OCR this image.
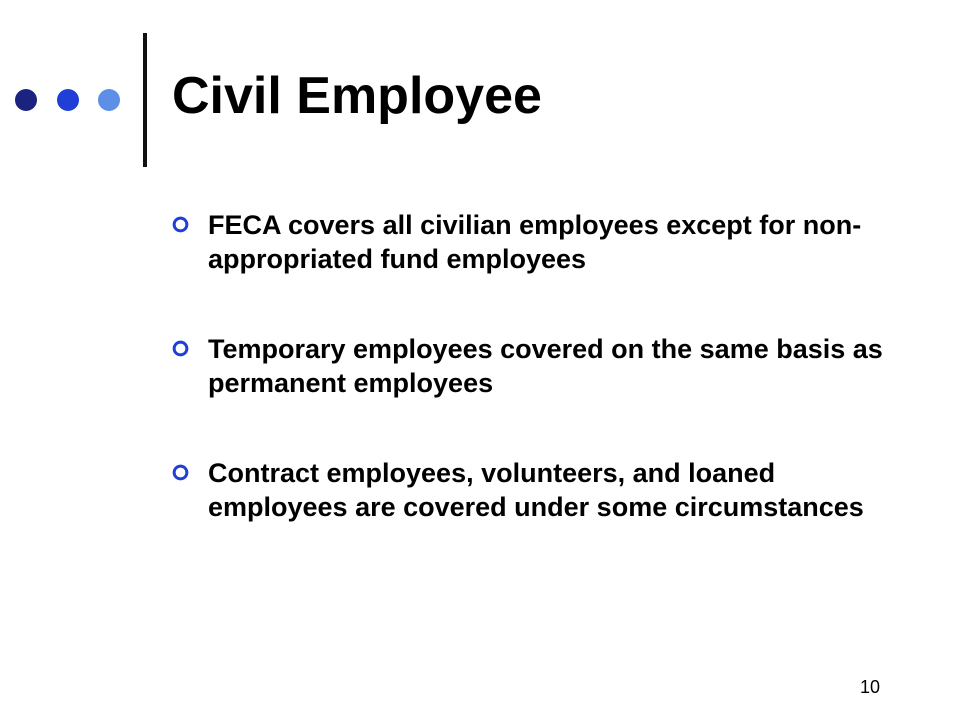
Civil Employee
FECA covers all civilian employees except for non-appropriated fund employees
Temporary employees covered on the same basis as permanent employees
Contract employees, volunteers, and loaned employees are covered under some circumstances
10
